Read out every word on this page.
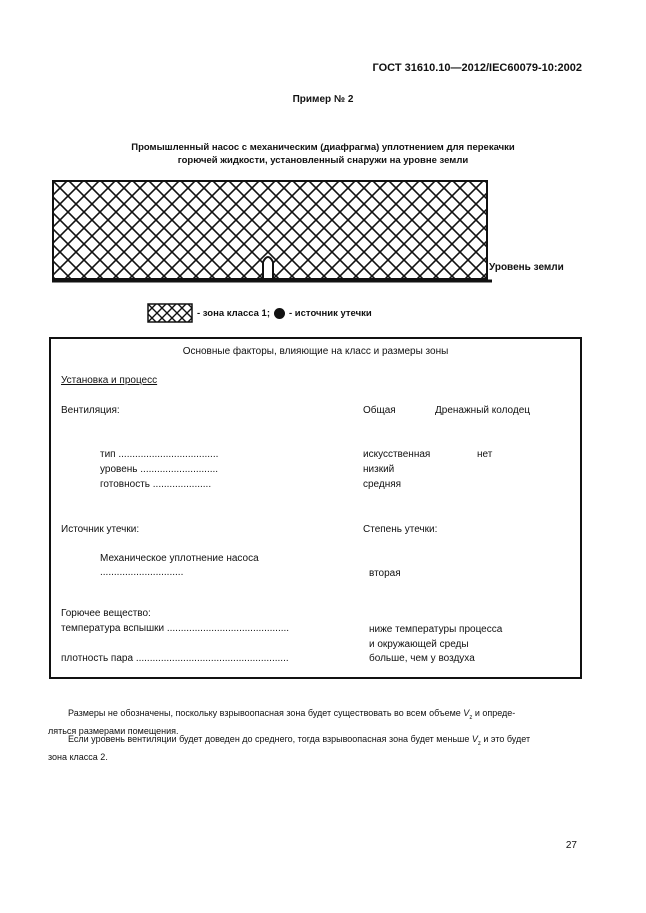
ГОСТ 31610.10—2012/IEC60079-10:2002
Пример № 2
Промышленный насос с механическим (диафрагма) уплотнением для перекачки
горючей жидкости, установленный снаружи на уровне земли
Уровень земли
- зона класса 1; - источник утечки
Основные факторы, влияющие на класс и размеры зоны
Установка и процесс
Вентиляция:	Общая	Дренажный колодец
тип ....................................	искусственная	нет
уровень ............................	низкий
готовность .....................	средняя
Источник утечки:	Степень утечки:
Механическое уплотнение насоса
..............................	вторая
Горючее вещество:
температура вспышки ............................................	ниже температуры процесса
и окружающей среды
плотность пара .......................................................	больше, чем у воздуха
Размеры не обозначены, поскольку взрывоопасная зона будет существовать во всем объеме $V_z$ и опреде-
ляться размерами помещения.
Если уровень вентиляции будет доведен до среднего, тогда взрывоопасная зона будет меньше $V_z$ и это будет
зона класса 2.
27
